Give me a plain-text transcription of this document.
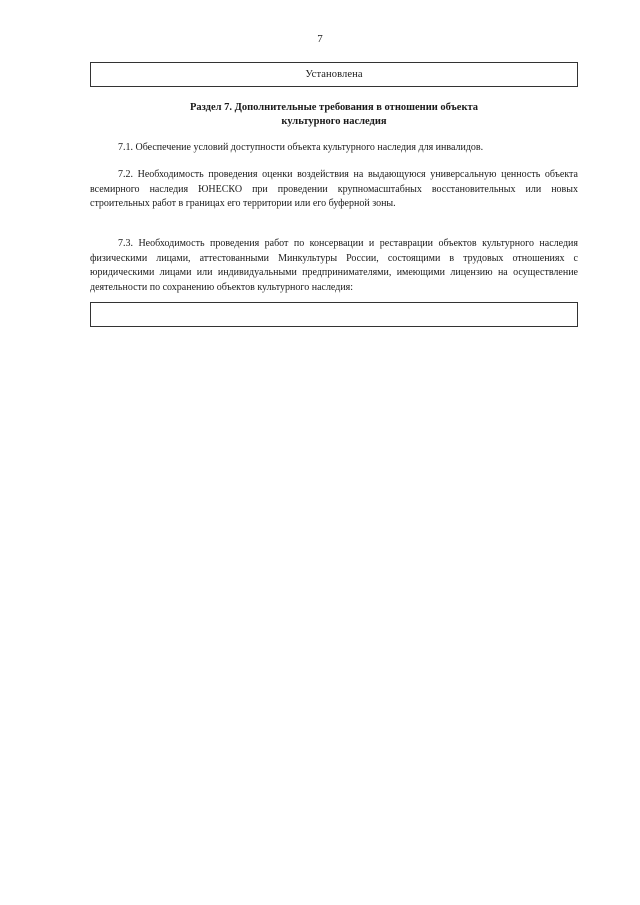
7
Установлена
Раздел 7. Дополнительные требования в отношении объекта
культурного наследия

7.1. Обеспечение условий доступности объекта культурного наследия для инвалидов.

7.2. Необходимость проведения оценки воздействия на выдающуюся универсальную ценность объекта всемирного наследия ЮНЕСКО при проведении крупномасштабных восстановительных или новых строительных работ в границах его территории или его буферной зоны.

7.3. Необходимость проведения работ по консервации и реставрации объектов культурного наследия физическими лицами, аттестованными Минкультуры России, состоящими в трудовых отношениях с юридическими лицами или индивидуальными предпринимателями, имеющими лицензию на осуществление деятельности по сохранению объектов культурного наследия:
